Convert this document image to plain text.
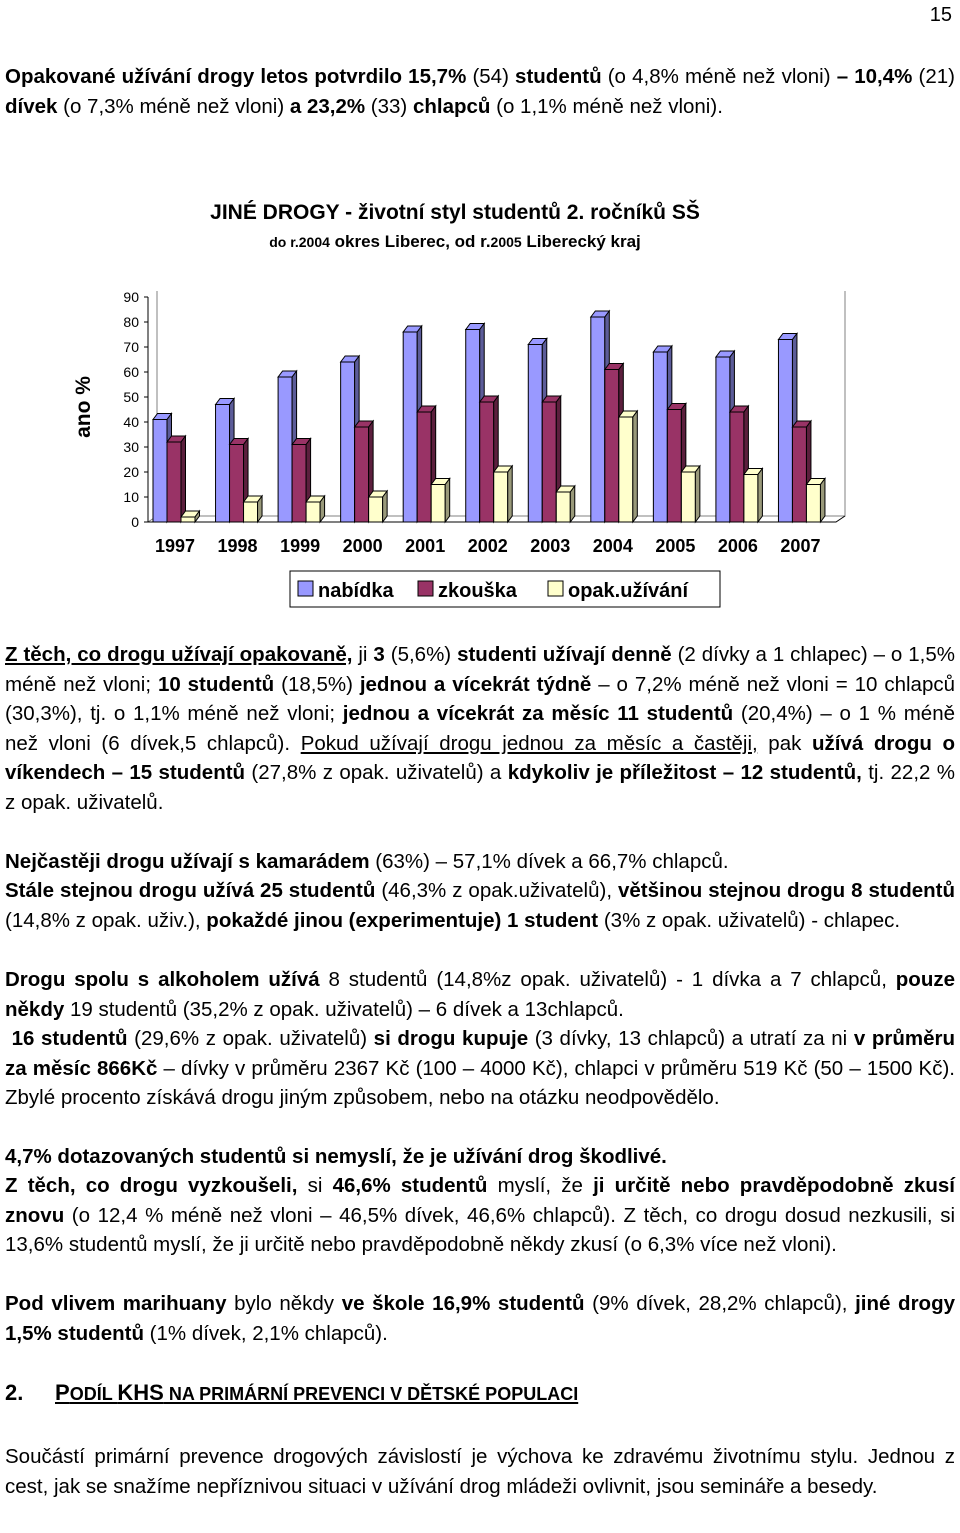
15

Opakované užívání drogy letos potvrdilo 15,7% (54) studentů (o 4,8% méně než vloni) – 10,4% (21) dívek (o 7,3% méně než vloni) a 23,2% (33) chlapců (o 1,1% méně než vloni).

JINÉ DROGY - životní styl studentů 2. ročníků SŠ
do r.2004 okres Liberec, od r.2005 Liberecký kraj
ano %
0
10
20
30
40
50
60
70
80
90
1997 1998 1999 2000 2001 2002 2003 2004 2005 2006 2007
nabídka zkouška	opak.užívání

Z těch, co drogu užívají opakovaně, ji 3 (5,6%) studenti užívají denně (2 dívky a 1 chlapec) – o 1,5% méně než vloni; 10 studentů (18,5%) jednou a vícekrát týdně – o 7,2% méně než vloni = 10 chlapců (30,3%), tj. o 1,1% méně než vloni; jednou a vícekrát za měsíc 11 studentů (20,4%) – o 1 % méně než vloni (6 dívek,5 chlapců). Pokud užívají drogu jednou za měsíc a častěji, pak užívá drogu o víkendech – 15 studentů (27,8% z opak. uživatelů) a kdykoliv je příležitost – 12 studentů, tj. 22,2 % z opak. uživatelů.

Nejčastěji drogu užívají s kamarádem (63%) – 57,1% dívek a 66,7% chlapců.

Stále stejnou drogu užívá 25 studentů (46,3% z opak.uživatelů), většinou stejnou drogu 8 studentů (14,8% z opak. uživ.), pokaždé jinou (experimentuje) 1 student (3% z opak. uživatelů) - chlapec.

Drogu spolu s alkoholem užívá 8 studentů (14,8%z opak. uživatelů) - 1 dívka a 7 chlapců, pouze někdy 19 studentů (35,2% z opak. uživatelů) – 6 dívek a 13chlapců.

16 studentů (29,6% z opak. uživatelů) si drogu kupuje (3 dívky, 13 chlapců) a utratí za ni v průměru za měsíc 866Kč – dívky v průměru 2367 Kč (100 – 4000 Kč), chlapci v průměru 519 Kč (50 – 1500 Kč). Zbylé procento získává drogu jiným způsobem, nebo na otázku neodpovědělo.

4,7% dotazovaných studentů si nemyslí, že je užívání drog škodlivé.

Z těch, co drogu vyzkoušeli, si 46,6% studentů myslí, že ji určitě nebo pravděpodobně zkusí znovu (o 12,4 % méně než vloni – 46,5% dívek, 46,6% chlapců). Z těch, co drogu dosud nezkusili, si 13,6% studentů myslí, že ji určitě nebo pravděpodobně někdy zkusí (o 6,3% více než vloni).

Pod vlivem marihuany bylo někdy ve škole 16,9% studentů (9% dívek, 28,2% chlapců), jiné drogy 1,5% studentů (1% dívek, 2,1% chlapců).

2. PODÍL KHS NA PRIMÁRNÍ PREVENCI V DĚTSKÉ POPULACI

Součástí primární prevence drogových závislostí je výchova ke zdravému životnímu stylu. Jednou z cest, jak se snažíme nepříznivou situaci v užívání drog mládeži ovlivnit, jsou semináře a besedy.
